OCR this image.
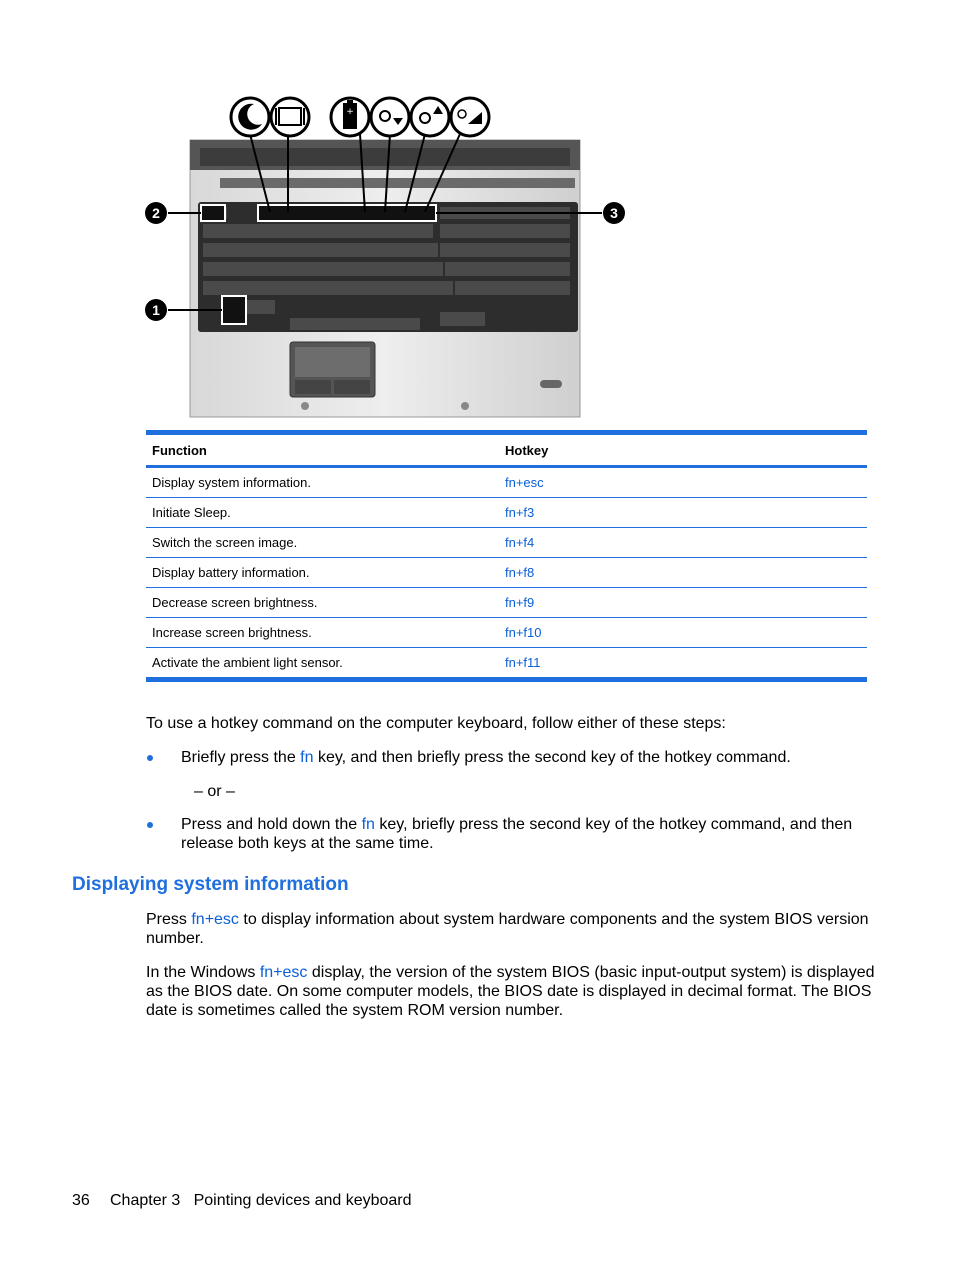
+
2
1
3
Function	Hotkey
Display system information.	fn+esc
Initiate Sleep.	fn+f3
Switch the screen image.	fn+f4
Display battery information.	fn+f8
Decrease screen brightness.	fn+f9
Increase screen brightness.	fn+f10
Activate the ambient light sensor.	fn+f11

To use a hotkey command on the computer keyboard, follow either of these steps:

Briefly press the fn key, and then briefly press the second key of the hotkey command.

– or –

Press and hold down the fn key, briefly press the second key of the hotkey command, and then

release both keys at the same time.

Displaying system information

Press fn+esc to display information about system hardware components and the system BIOS version

number.

In the Windows fn+esc display, the version of the system BIOS (basic input-output system) is displayed

as the BIOS date. On some computer models, the BIOS date is displayed in decimal format. The BIOS

date is sometimes called the system ROM version number.

36 Chapter 3   Pointing devices and keyboard
